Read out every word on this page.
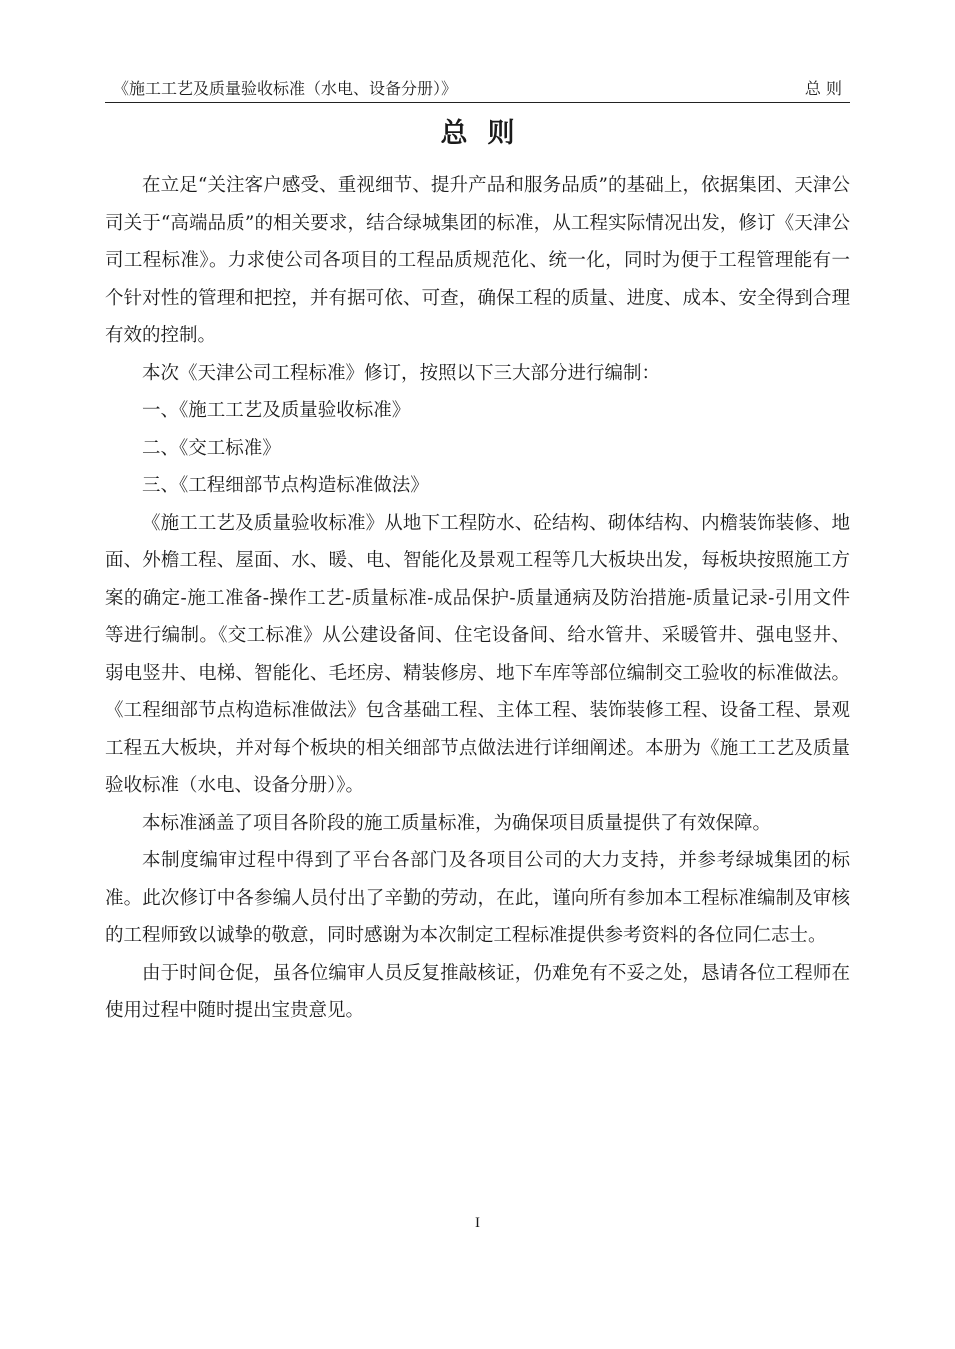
《施工工艺及质量验收标准（水电、设备分册）》	总 则
总则

在立足“关注客户感受、重视细节、提升产品和服务品质”的基础上，依据集团、天津公司关于“高端品质”的相关要求，结合绿城集团的标准，从工程实际情况出发，修订《天津公司工程标准》。力求使公司各项目的工程品质规范化、统一化，同时为便于工程管理能有一个针对性的管理和把控，并有据可依、可查，确保工程的质量、进度、成本、安全得到合理有效的控制。

本次《天津公司工程标准》修订，按照以下三大部分进行编制：

一、《施工工艺及质量验收标准》

二、《交工标准》

三、《工程细部节点构造标准做法》

《施工工艺及质量验收标准》从地下工程防水、砼结构、砌体结构、内檐装饰装修、地面、外檐工程、屋面、水、暖、电、智能化及景观工程等几大板块出发，每板块按照施工方案的确定-施工准备-操作工艺-质量标准-成品保护-质量通病及防治措施-质量记录-引用文件等进行编制。《交工标准》从公建设备间、住宅设备间、给水管井、采暖管井、强电竖井、弱电竖井、电梯、智能化、毛坯房、精装修房、地下车库等部位编制交工验收的标准做法。《工程细部节点构造标准做法》包含基础工程、主体工程、装饰装修工程、设备工程、景观工程五大板块，并对每个板块的相关细部节点做法进行详细阐述。本册为《施工工艺及质量验收标准（水电、设备分册）》。

本标准涵盖了项目各阶段的施工质量标准，为确保项目质量提供了有效保障。

本制度编审过程中得到了平台各部门及各项目公司的大力支持，并参考绿城集团的标准。此次修订中各参编人员付出了辛勤的劳动，在此，谨向所有参加本工程标准编制及审核的工程师致以诚挚的敬意，同时感谢为本次制定工程标准提供参考资料的各位同仁志士。

由于时间仓促，虽各位编审人员反复推敲核证，仍难免有不妥之处，恳请各位工程师在使用过程中随时提出宝贵意见。

I
